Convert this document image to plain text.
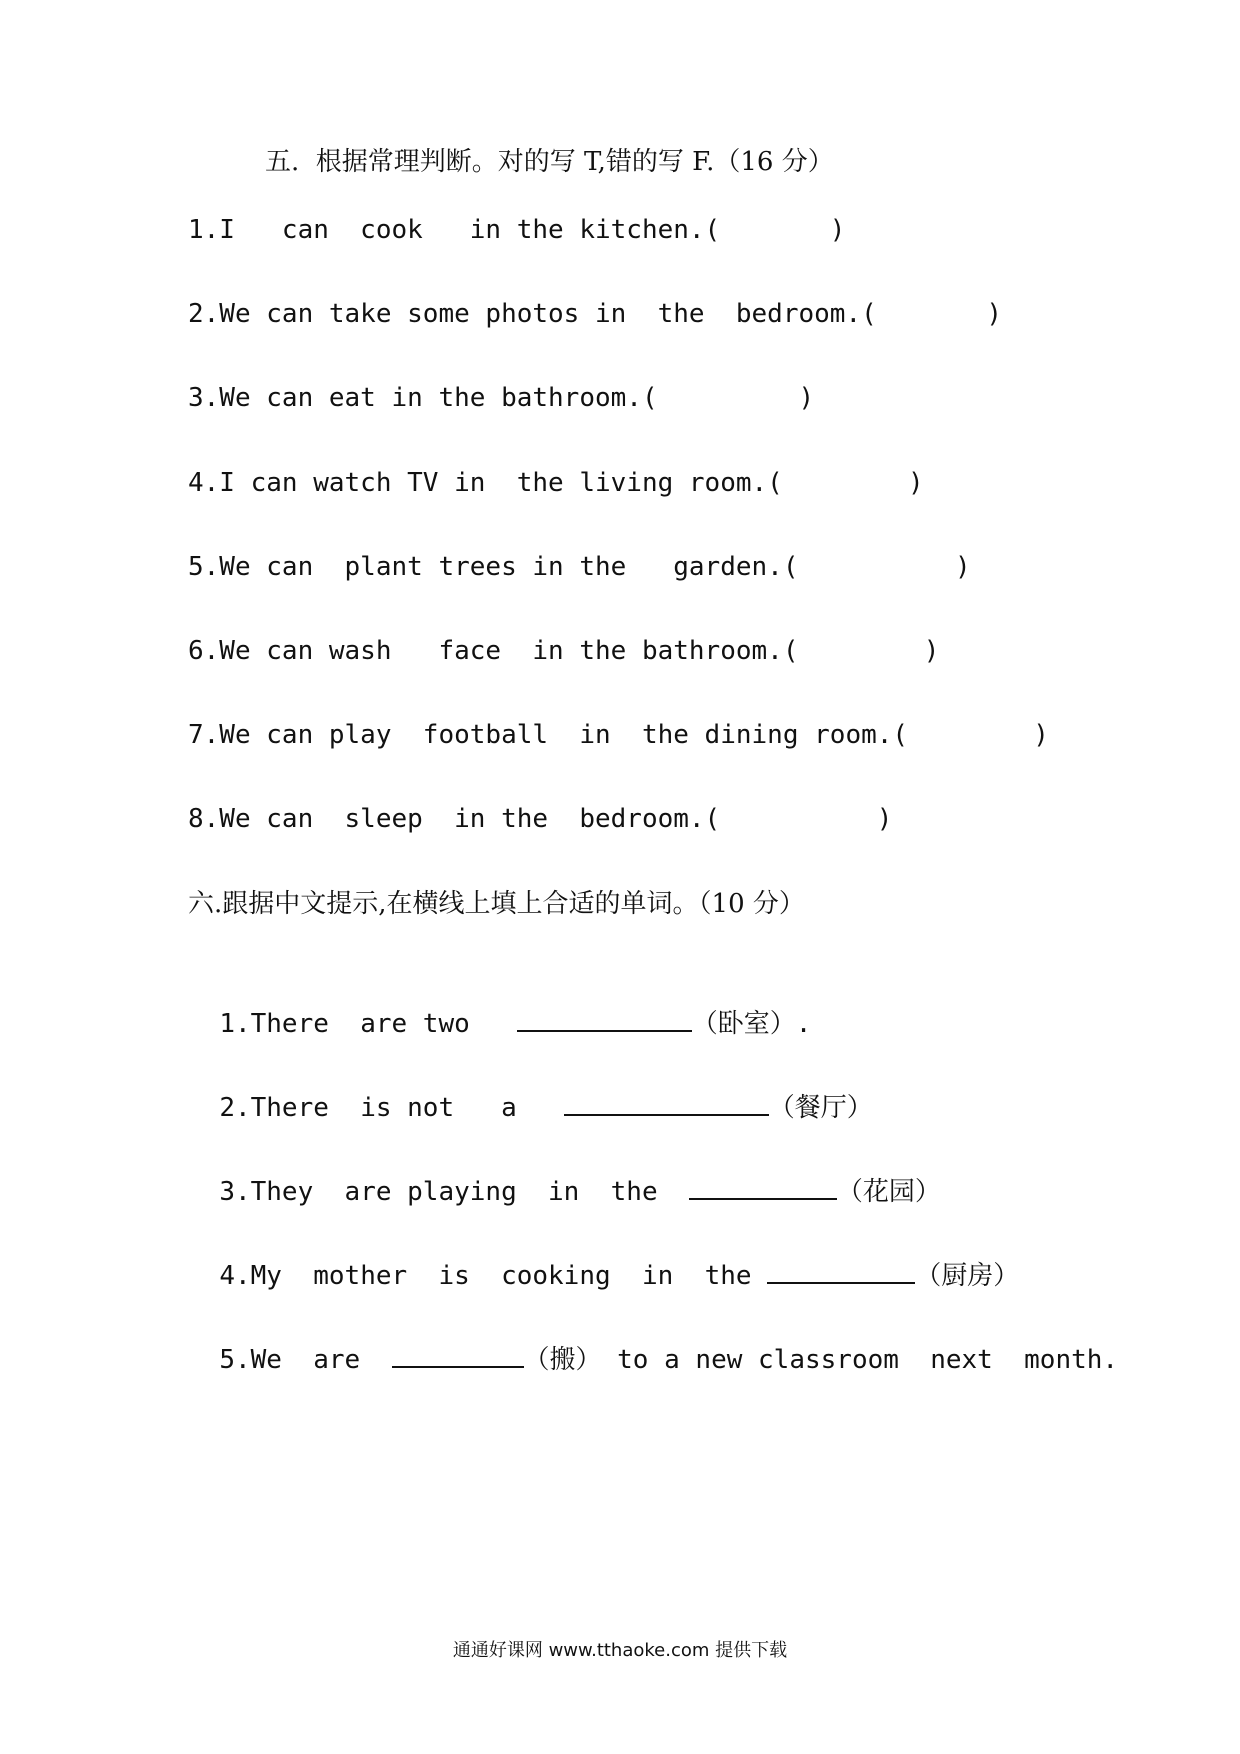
五.  根据常理判断。对的写 T,错的写 F.（16 分）
1.I   can  cook   in the kitchen.(       )
2.We can take some photos in  the  bedroom.(       )
3.We can eat in the bathroom.(         )
4.I can watch TV in  the living room.(        )
5.We can  plant trees in the   garden.(          )
6.We can wash   face  in the bathroom.(        )
7.We can play  football  in  the dining room.(        )
8.We can  sleep  in the  bedroom.(          )
六.跟据中文提示,在横线上填上合适的单词。（10 分）

1.There  are two	（卧室）.

2.There  is not   a	（餐厅）

3.They  are playing  in  the	（花园）

4.My  mother  is  cooking  in  the	（厨房）

5.We  are	（搬） to a new classroom  next  month.

通通好课网 www.tthaoke.com 提供下载
